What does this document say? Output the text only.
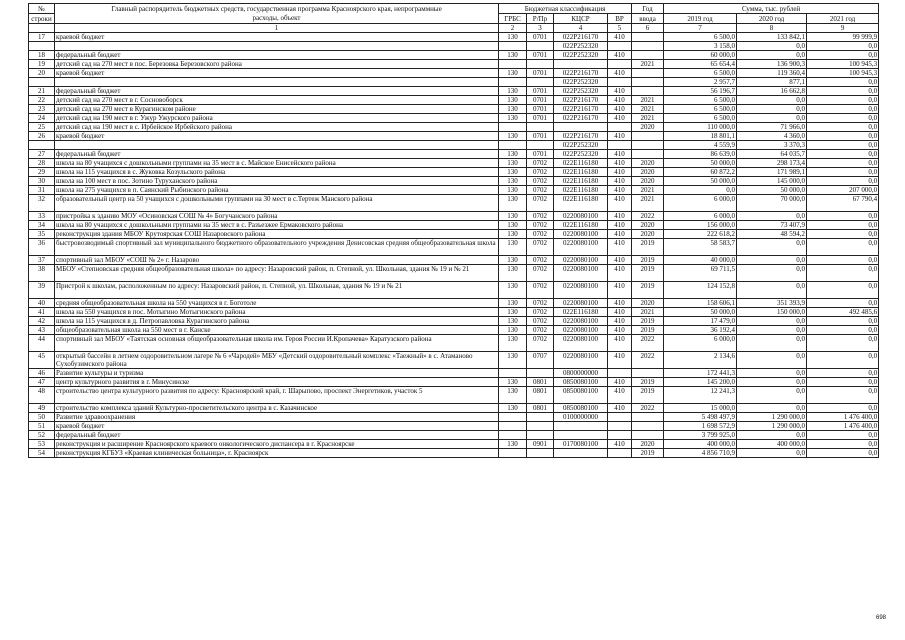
№	Главный распорядитель бюджетных средств, государственная программа Красноярского края, непрограммные
расходы, объект	Бюджетная классификация				Год	Сумма, тыс. рублей		
строки		ГРБС	Р/Пр	КЦСР	ВР	ввода	2019 год	2020 год	2021 год
	1	2	3	4	5	6	7	8	9
17	краевой бюджет	130	0701	022P216170	410		6 500,0	133 842,1	99 999,9
				022P252320			3 158,0	0,0	0,0
18	федеральный бюджет	130	0701	022P252320	410		60 000,0	0,0	0,0
19	детский сад на 270 мест в пос. Березовка Березовского района					2021	65 654,4	136 900,3	100 945,3
20	краевой бюджет	130	0701	022P216170	410		6 500,0	119 360,4	100 945,3
				022P252320			2 957,7	877,1	0,0
21	федеральный бюджет	130	0701	022P252320	410		56 196,7	16 662,8	0,0
22	детский сад на 270 мест в г. Сосновоборск	130	0701	022P216170	410	2021	6 500,0	0,0	0,0
23	детский сад на 270 мест в Курагинском районе	130	0701	022P216170	410	2021	6 500,0	0,0	0,0
24	детский сад на 190 мест в г. Ужур Ужурского района	130	0701	022P216170	410	2021	6 500,0	0,0	0,0
25	детский сад на 190 мест в с. Ирбейское Ирбейского района					2020	110 000,0	71 966,0	0,0
26	краевой бюджет	130	0701	022P216170	410		18 801,1	4 360,0	0,0
				022P252320			4 559,9	3 370,3	0,0
27	федеральный бюджет	130	0701	022P252320	410		86 639,0	64 035,7	0,0
28	школа на 80 учащихся с дошкольными группами на 35 мест в с. Майское Енисейского района	130	0702	022E116180	410	2020	50 000,0	298 173,4	0,0
29	школа на 115 учащихся в с. Жуковка Козульского района	130	0702	022E116180	410	2020	60 872,2	171 989,1	0,0
30	школа на 100 мест в пос. Зотино Туруханского района	130	0702	022E116180	410	2020	50 000,0	145 000,0	0,0
31	школа на 275 учащихся в п. Саянский Рыбинского района	130	0702	022E116180	410	2021	0,0	50 000,0	207 000,0
32	образовательный центр на 50 учащихся с дошкольными группами на 30 мест в с.Тертеж Манского района	130	0702	022E116180	410	2021	6 000,0	70 000,0	67 790,4
33	пристройка к зданию МОУ «Осиновская СОШ № 4» Богучанского района	130	0702	0220080100	410	2022	6 000,0	0,0	0,0
34	школа на 80 учащихся с дошкольными группами на 35 мест в с. Разъезжее Ермаковского района	130	0702	022E116180	410	2020	156 000,0	73 407,9	0,0
35	реконструкция здания МБОУ Крутоярская СОШ Назаровского района	130	0702	0220080100	410	2020	222 618,2	48 594,2	0,0
36	быстровозводимый спортивный зал муниципального бюджетного образовательного учреждения Денисовская средняя общеобразовательная школа	130	0702	0220080100	410	2019	58 583,7	0,0	0,0
37	спортивный зал МБОУ «СОШ № 2» г. Назарово	130	0702	0220080100	410	2019	40 000,0	0,0	0,0
38	МБОУ «Степновская средняя общеобразовательная школа» по адресу: Назаровский район, п. Степной, ул. Школьная, здания № 19 и № 21	130	0702	0220080100	410	2019	69 711,5	0,0	0,0
39	Пристрой к школам, расположенным по адресу: Назаровский район, п. Степной, ул. Школьная, здания № 19 и № 21	130	0702	0220080100	410	2019	124 152,8	0,0	0,0
40	средняя общеобразовательная школа на 550 учащихся в г. Боготоле	130	0702	0220080100	410	2020	158 606,1	351 393,9	0,0
41	школа на 550 учащихся в пос. Мотыгино Мотыгинского района	130	0702	022E116180	410	2021	50 000,0	150 000,0	492 485,6
42	школа на 115 учащихся в д. Петропавловка Курагинского района	130	0702	0220080100	410	2019	17 479,0	0,0	0,0
43	общеобразовательная школа на 550 мест в г. Канске	130	0702	0220080100	410	2019	36 192,4	0,0	0,0
44	спортивный зал МБОУ «Таятская основная общеобразовательная школа им. Героя России И.Кропачева» Каратузского района	130	0702	0220080100	410	2022	6 000,0	0,0	0,0
45	открытый бассейн в летнем оздоровительном лагере № 6 «Чародей» МБУ «Детский оздоровительный комплекс «Таежный» в с. Атаманово Сухобузимского района	130	0707	0220080100	410	2022	2 134,6	0,0	0,0
46	Развитие культуры и туризма			0800000000			172 441,3	0,0	0,0
47	центр культурного развития в г. Минусинске	130	0801	0850080100	410	2019	145 200,0	0,0	0,0
48	строительство центра культурного развития по адресу: Красноярский край, г. Шарыпово, проспект Энергетиков, участок 5	130	0801	0850080100	410	2019	12 241,3	0,0	0,0
49	строительство комплекса зданий Культурно-просветительского центра в с. Казачинское	130	0801	0850080100	410	2022	15 000,0	0,0	0,0
50	Развитие здравоохранения			0100000000			5 498 497,9	1 290 000,0	1 476 400,0
51	краевой бюджет						1 698 572,9	1 290 000,0	1 476 400,0
52	федеральный бюджет						3 799 925,0	0,0	0,0
53	реконструкция и расширение Красноярского краевого онкологического диспансера в г. Красноярске	130	0901	0170080100	410	2020	400 000,0	400 000,0	0,0
54	реконструкция КГБУЗ «Краевая клиническая больница», г. Красноярск					2019	4 856 710,9	0,0	0,0
698
